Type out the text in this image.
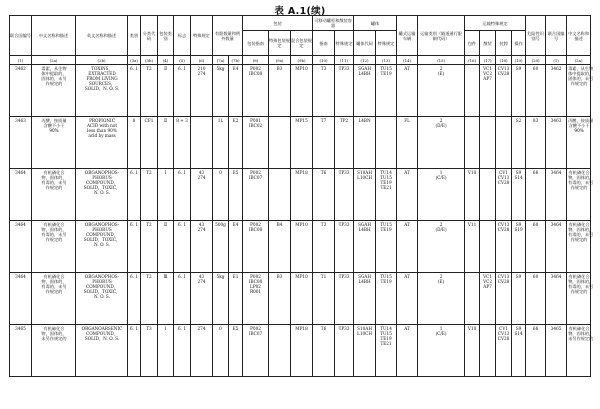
表 A.1(续)
联合国编号	中文名称和描述	英文名称和描述	类别	分类代码	包装类别	标志	特殊规定	有限数量和例外数量		包装			可移动罐柜和散装容器		罐体		罐式运输车辆	运输类别（隧道通行限制代码）	运输特殊规定				危险性识别号	联合国编号	中文名称和描述
										包装指南	特殊包装规定	混合包装规定	指南	特殊规定	罐体代码	特殊规定			包件	散装	装卸	操作			
(1)	(2a)	(2b)	(3a)	(3b)	(4)	(5)	(6)	(7a)	(7b)	(8)	(9a)	(9b)	(10)	(11)	(12)	(13)	(14)	(15)	(16)	(17)	(18)	(19)	(20)	(1)	(2a)
3462	毒素，从生物
体中提取的，
固体的，未另
作规定的	TOXINS，
EXTRACTED
FROM LIVING
SOURCES，
SOLID，N. O. S.	6. 1	T2	Ⅱ	6. 1	210
274	5kg	E4	P002
IBC08	B3	MP10	T3	TP33	SGAH
L4BH	TU15
TE19	AT	2
(E)		VC1
VC2
AP7	CV13
CV28	S9	60	3462	毒素，从生物
体中提取的，
固体的，未另
作规定的

3463	丙酸，按质量
含酸不小于
90%	PROPIONIC
ACID with not
less than 90%
acid by mass	8	CF1	Ⅱ	8 + 3		1L	E2	P001
IBC02		MP15	T7	TP2	L4BN		FL	2
(D/E)				S2	83	3463	丙酸，按质量
含酸不小于
90%

3464	有机磷化合
物，固体的，
有毒的，未另
作规定的	ORGANOPHOS-
PHORUS
COMPOUND，
SOLID，TOXIC，
N. O. S.	6. 1	T2	Ⅰ	6. 1	43
274	0	E5	P002
IBC07		MP18	T6	TP33	S10AH
L10CH	TU14
TU15
TE19
TE21	AT	1
(C/E)	V10		CV1
CV13
CV28	S9 S14	66	3464	有机磷化合
物，固体的，
有毒的，未另
作规定的

3464	有机磷化合
物，固体的，
有毒的，未另
作规定的	ORGANOPHOS-
PHORUS
COMPOUND，
SOLID，TOXIC，
N. O. S.	6. 1	T2	Ⅱ	6. 1	43
274	500g	E4	P002
IBC08	B4	MP10	T3	TP33	SGAH
L4BH	TU15
TE19	AT	2
(D/E)	V11		CV13
CV28	S9 S19	60	3464	有机磷化合
物，固体的，
有毒的，未另
作规定的

3464	有机磷化合
物，固体的，
有毒的，未另
作规定的	ORGANOPHOS-
PHORUS
COMPOUND，
SOLID，TOXIC，
N. O. S.	6. 1	T2	Ⅲ	6. 1	43
274	5kg	E1	P002
IBC08
LP02
R001	B3	MP10	T1	TP33	SGAH
L4BH	TU15
TE19	AT	2
(E)		VC1
VC2
AP7	CV13
CV28	S9	60	3464	有机磷化合
物，固体的，
有毒的，未另
作规定的

3465	有机砷化合
物，固体的，
未另作规定的	ORGANOARSENIC
COMPOUND，
SOLID，N. O. S.	6. 1	T3	Ⅰ	6. 1	274	0	E5	P002
IBC07		MP18	T6	TP33	S10AH
L10CH	TU14
TU15
TE19
TE21	AT	1
(C/E)	V10		CV1
CV13
CV28	S9 S14	66	3465	有机砷化合
物，固体的，
未另作规定的
